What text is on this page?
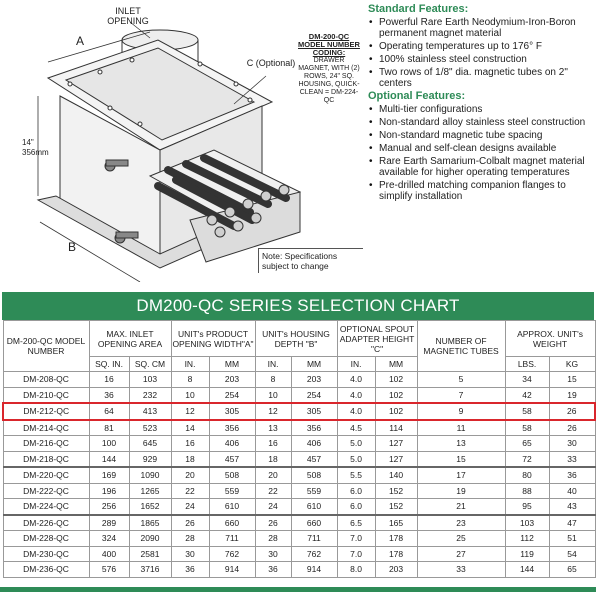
INLET OPENING
A
B
C (Optional)
14" 356mm
DM-200-QC MODEL NUMBER CODING:
DRAWER MAGNET, WITH (2) ROWS, 24" SQ. HOUSING, QUICK-CLEAN = DM-224-QC
Note: Specifications subject to change
Standard Features:
• Powerful Rare Earth Neodymium-Iron-Boron permanent magnet material
• Operating temperatures up to 176° F
• 100% stainless steel construction
• Two rows of 1/8" dia. magnetic tubes on 2" centers
Optional Features:
• Multi-tier configurations
• Non-standard alloy stainless steel construction
• Non-standard magnetic tube spacing
• Manual and self-clean designs available
• Rare Earth Samarium-Colbalt magnet material available for higher operating temperatures
• Pre-drilled matching companion flanges to simplify installation
DM200-QC SERIES SELECTION CHART
DM-200-QC MODEL NUMBER	MAX. INLET OPENING AREA		UNIT's PRODUCT OPENING WIDTH"A"		UNIT's HOUSING DEPTH "B"		OPTIONAL SPOUT ADAPTER HEIGHT "C"		NUMBER OF MAGNETIC TUBES	APPROX. UNIT's WEIGHT	
	SQ. IN.	SQ. CM	IN.	MM	IN.	MM	IN.	MM		LBS.	KG
DM-208-QC	16	103	8	203	8	203	4.0	102	5	34	15
DM-210-QC	36	232	10	254	10	254	4.0	102	7	42	19
DM-212-QC	64	413	12	305	12	305	4.0	102	9	58	26
DM-214-QC	81	523	14	356	13	356	4.5	114	11	58	26
DM-216-QC	100	645	16	406	16	406	5.0	127	13	65	30
DM-218-QC	144	929	18	457	18	457	5.0	127	15	72	33
DM-220-QC	169	1090	20	508	20	508	5.5	140	17	80	36
DM-222-QC	196	1265	22	559	22	559	6.0	152	19	88	40
DM-224-QC	256	1652	24	610	24	610	6.0	152	21	95	43
DM-226-QC	289	1865	26	660	26	660	6.5	165	23	103	47
DM-228-QC	324	2090	28	711	28	711	7.0	178	25	112	51
DM-230-QC	400	2581	30	762	30	762	7.0	178	27	119	54
DM-236-QC	576	3716	36	914	36	914	8.0	203	33	144	65
